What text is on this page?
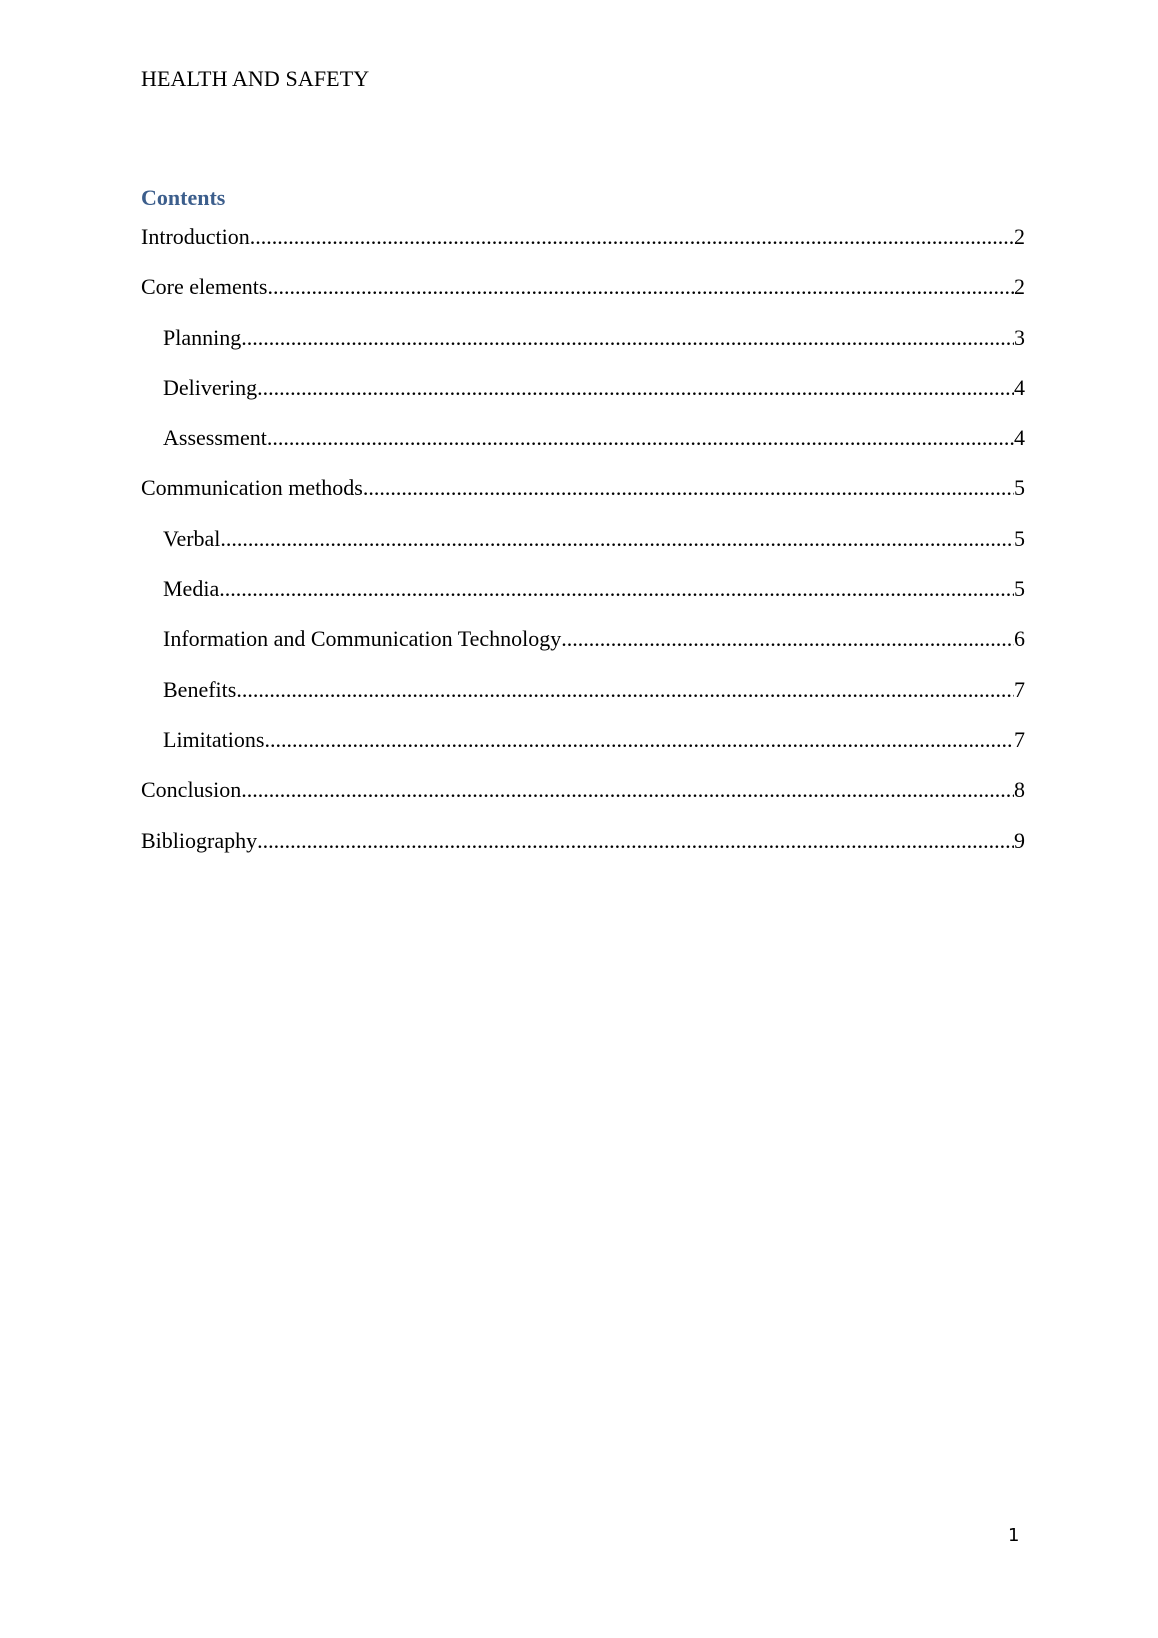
HEALTH AND SAFETY
Contents
Introduction .....	2
Core elements .....	2
Planning .....	3
Delivering .....	4
Assessment .....	4
Communication methods .....	5
Verbal .....	5
Media .....	5
Information and Communication Technology .....	6
Benefits .....	7
Limitations .....	7
Conclusion .....	8
Bibliography .....	9
1
